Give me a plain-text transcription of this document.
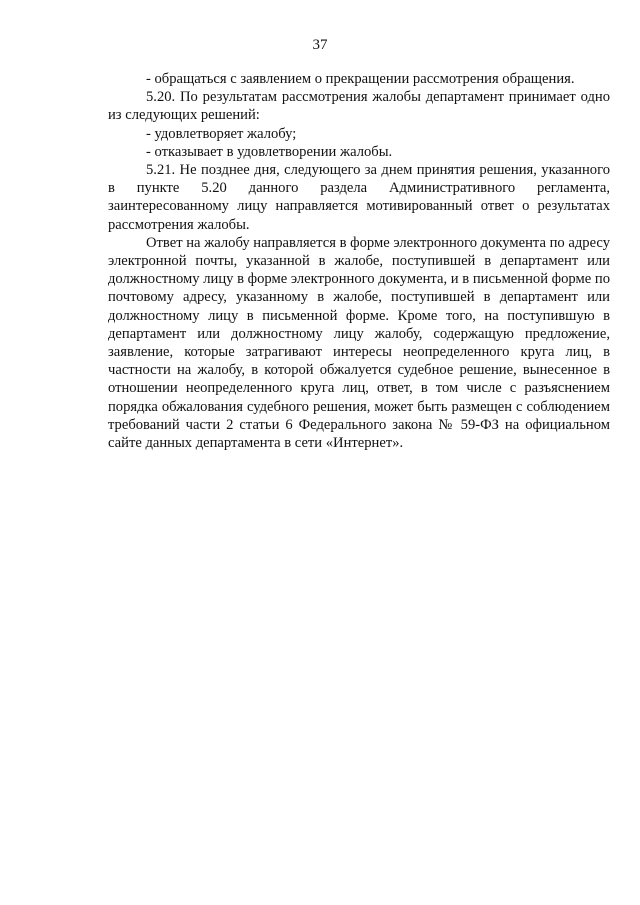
37

- обращаться с заявлением о прекращении рассмотрения обращения.

5.20. По результатам рассмотрения жалобы департамент принимает одно из следующих решений:

- удовлетворяет жалобу;

- отказывает в удовлетворении жалобы.

5.21. Не позднее дня, следующего за днем принятия решения, указанного в пункте 5.20 данного раздела Административного регламента, заинтересованному лицу направляется мотивированный ответ о результатах рассмотрения жалобы.

Ответ на жалобу направляется в форме электронного документа по адресу электронной почты, указанной в жалобе, поступившей в департамент или должностному лицу в форме электронного документа, и в письменной форме по почтовому адресу, указанному в жалобе, поступившей в департамент или должностному лицу в письменной форме. Кроме того, на поступившую в департамент или должностному лицу жалобу, содержащую предложение, заявление, которые затрагивают интересы неопределенного круга лиц, в частности на жалобу, в которой обжалуется судебное решение, вынесенное в отношении неопределенного круга лиц, ответ, в том числе с разъяснением порядка обжалования судебного решения, может быть размещен с соблюдением требований части 2 статьи 6 Федерального закона № 59-ФЗ на официальном сайте данных департамента в сети «Интернет».
